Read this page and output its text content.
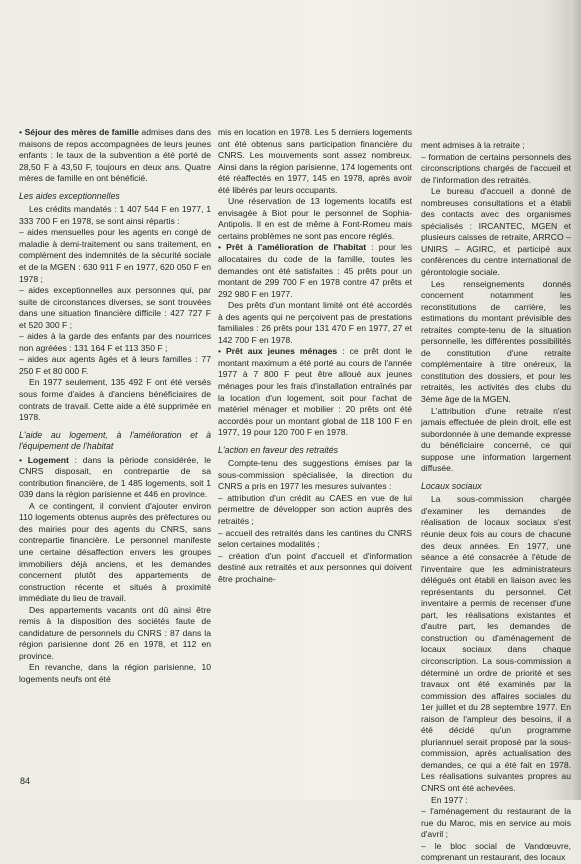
• Séjour des mères de famille admises dans des maisons de repos accompagnées de leurs jeunes enfants : le taux de la subvention a été porté de 28,50 F à 43,50 F, toujours en deux ans. Quatre mères de famille en ont bénéficié.

Les aides exceptionnelles

Les crédits mandatés : 1 407 544 F en 1977, 1 333 700 F en 1978, se sont ainsi répartis :

– aides mensuelles pour les agents en congé de maladie à demi-traitement ou sans traitement, en complément des indemnités de la sécurité sociale et de la MGEN : 630 911 F en 1977, 620 050 F en 1978 ;

– aides exceptionnelles aux personnes qui, par suite de circonstances diverses, se sont trouvées dans une situation financière difficile : 427 727 F et 520 300 F ;

– aides à la garde des enfants par des nourrices non agréées : 131 164 F et 113 350 F ;

– aides aux agents âgés et à leurs familles : 77 250 F et 80 000 F.

En 1977 seulement, 135 492 F ont été versés sous forme d'aides à d'anciens bénéficiaires de contrats de travail. Cette aide a été supprimée en 1978.

L'aide au logement, à l'amélioration et à l'équipement de l'habitat

• Logement : dans la période considérée, le CNRS disposait, en contrepartie de sa contribution financière, de 1 485 logements, soit 1 039 dans la région parisienne et 446 en province.

A ce contingent, il convient d'ajouter environ 110 logements obtenus auprès des préfectures ou des mairies pour des agents du CNRS, sans contrepartie financière. Le personnel manifeste une certaine désaffection envers les groupes immobiliers déjà anciens, et les demandes concernent plutôt des appartements de construction récente et situés à proximité immédiate du lieu de travail.

Des appartements vacants ont dû ainsi être remis à la disposition des sociétés faute de candidature de personnels du CNRS : 87 dans la région parisienne dont 26 en 1978, et 112 en province.

En revanche, dans la région parisienne, 10 logements neufs ont été

mis en location en 1978. Les 5 derniers logements ont été obtenus sans participation financière du CNRS. Les mouvements sont assez nombreux. Ainsi dans la région parisienne, 174 logements ont été réaffectés en 1977, 145 en 1978, après avoir été libérés par leurs occupants.

Une réservation de 13 logements locatifs est envisagée à Biot pour le personnel de Sophia-Antipolis. Il en est de même à Font-Romeu mais certains problèmes ne sont pas encore réglés.

• Prêt à l'amélioration de l'habitat : pour les allocataires du code de la famille, toutes les demandes ont été satisfaites : 45 prêts pour un montant de 299 700 F en 1978 contre 47 prêts et 292 980 F en 1977.

Des prêts d'un montant limité ont été accordés à des agents qui ne perçoivent pas de prestations familiales : 26 prêts pour 131 470 F en 1977, 27 et 142 700 F en 1978.

• Prêt aux jeunes ménages : ce prêt dont le montant maximum a été porté au cours de l'année 1977 à 7 800 F peut être alloué aux jeunes ménages pour les frais d'installation entraînés par la location d'un logement, soit pour l'achat de matériel ménager et mobilier : 20 prêts ont été accordés pour un montant global de 118 100 F en 1977, 19 pour 120 700 F en 1978.

L'action en faveur des retraités

Compte-tenu des suggestions émises par la sous-commission spécialisée, la direction du CNRS a pris en 1977 les mesures suivantes :

– attribution d'un crédit au CAES en vue de lui permettre de développer son action auprès des retraités ;

– accueil des retraités dans les cantines du CNRS selon certaines modalités ;

– création d'un point d'accueil et d'information destiné aux retraités et aux personnes qui doivent être prochaine-

ment admises à la retraite ;

– formation de certains personnels des circonscriptions chargés de l'accueil et de l'information des retraités.

Le bureau d'accueil a donné de nombreuses consultations et a établi des contacts avec des organismes spécialisés : IRCANTEC, MGEN et plusieurs caisses de retraite, ARRCO – UNIRS – AGIRC, et participé aux conférences du centre international de gérontologie sociale.

Les renseignements donnés concernent notamment les reconstitutions de carrière, les estimations du montant prévisible des retraites compte-tenu de la situation personnelle, les différentes possibilités de constitution d'une retraite complémentaire à titre onéreux, la constitution des dossiers, et pour les retraités, les activités des clubs du 3ème âge de la MGEN.

L'attribution d'une retraite n'est jamais effectuée de plein droit, elle est subordonnée à une demande expresse du bénéficiaire concerné, ce qui suppose une information largement diffusée.

Locaux sociaux

La sous-commission chargée d'examiner les demandes de réalisation de locaux sociaux s'est réunie deux fois au cours de chacune des deux années. En 1977, une séance a été consacrée à l'étude de l'inventaire que les administrateurs délégués ont établi en liaison avec les représentants du personnel. Cet inventaire a permis de recenser d'une part, les réalisations existantes et d'autre part, les demandes de construction ou d'aménagement de locaux sociaux dans chaque circonscription. La sous-commission a déterminé un ordre de priorité et ses travaux ont été examinés par la commission des affaires sociales du 1er juillet et du 28 septembre 1977. En raison de l'ampleur des besoins, il a été décidé qu'un programme pluriannuel serait proposé par la sous-commission, après actualisation des demandes, ce qui a été fait en 1978. Les réalisations suivantes propres au CNRS ont été achevées.

En 1977 :

– l'aménagement du restaurant de la rue du Maroc, mis en service au mois d'avril ;

– le bloc social de Vandœuvre, comprenant un restaurant, des locaux

84
